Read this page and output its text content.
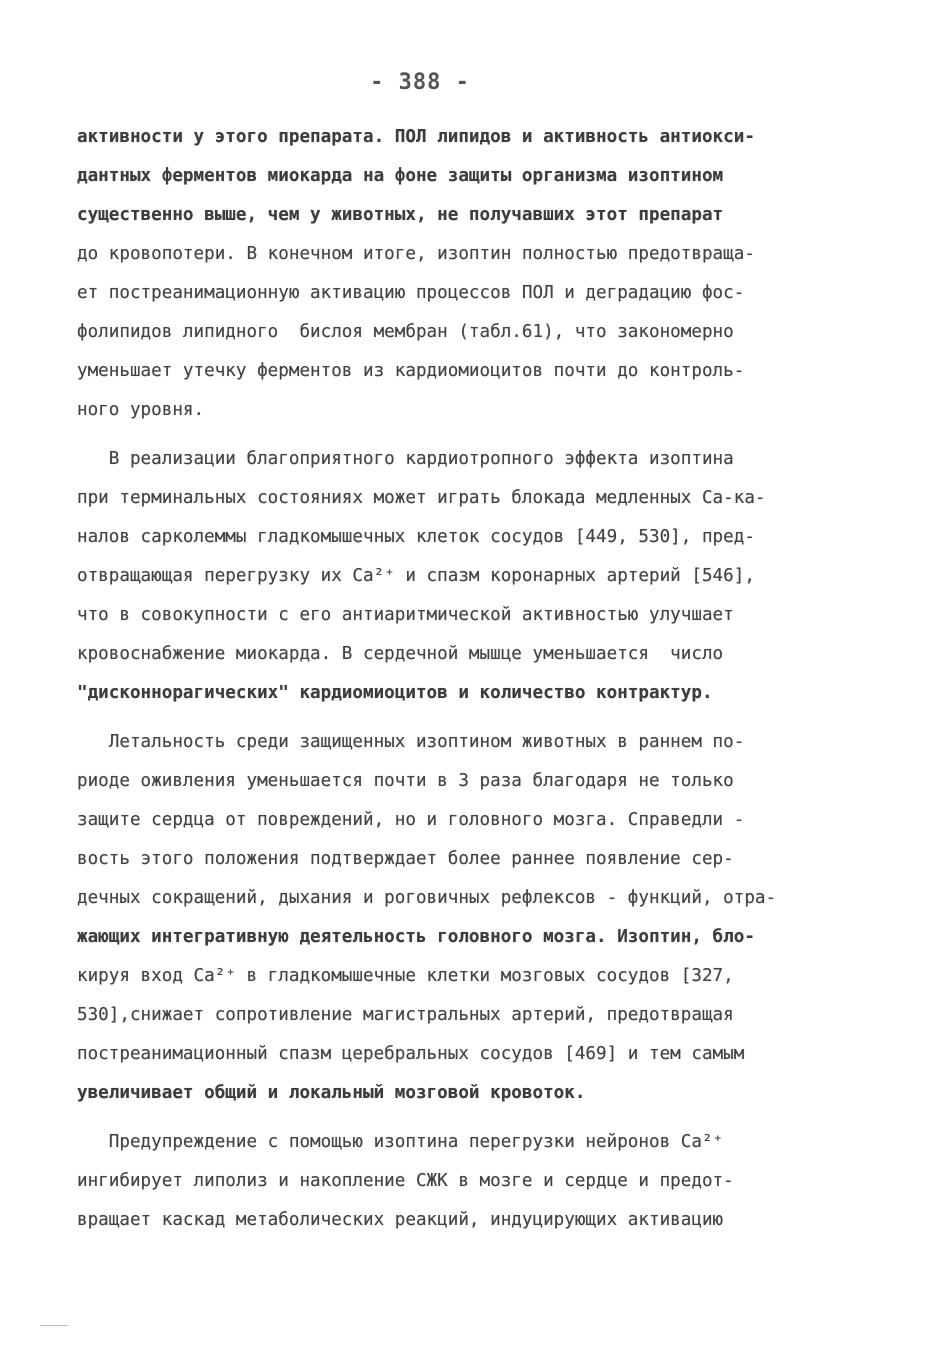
- 388 -
активности у этого препарата. ПОЛ липидов и активность антиокси-
дантных ферментов миокарда на фоне защиты организма изоптином
существенно выше, чем у животных, не получавших этот препарат
до кровопотери. В конечном итоге, изоптин полностью предотвраща-
ет постреанимационную активацию процессов ПОЛ и деградацию фос-
фолипидов липидного  бислоя мембран (табл.61), что закономерно
уменьшает утечку ферментов из кардиомиоцитов почти до контроль-
ного уровня.
В реализации благоприятного кардиотропного эффекта изоптина
при терминальных состояниях может играть блокада медленных Са-ка-
налов сарколеммы гладкомышечных клеток сосудов [449, 530], пред-
отвращающая перегрузку их Са²⁺ и спазм коронарных артерий [546],
что в совокупности с его антиаритмической активностью улучшает
кровоснабжение миокарда. В сердечной мышце уменьшается  число
"дисконнорагических" кардиомиоцитов и количество контрактур.
Летальность среди защищенных изоптином животных в раннем по-
риоде оживления уменьшается почти в 3 раза благодаря не только
защите сердца от повреждений, но и головного мозга. Справедли -
вость этого положения подтверждает более раннее появление сер-
дечных сокращений, дыхания и роговичных рефлексов - функций, отра-
жающих интегративную деятельность головного мозга. Изоптин, бло-
кируя вход Са²⁺ в гладкомышечные клетки мозговых сосудов [327,
530],снижает сопротивление магистральных артерий, предотвращая
постреанимационный спазм церебральных сосудов [469] и тем самым
увеличивает общий и локальный мозговой кровоток.
Предупреждение с помощью изоптина перегрузки нейронов Са²⁺
ингибирует липолиз и накопление СЖК в мозге и сердце и предот-
вращает каскад метаболических реакций, индуцирующих активацию
